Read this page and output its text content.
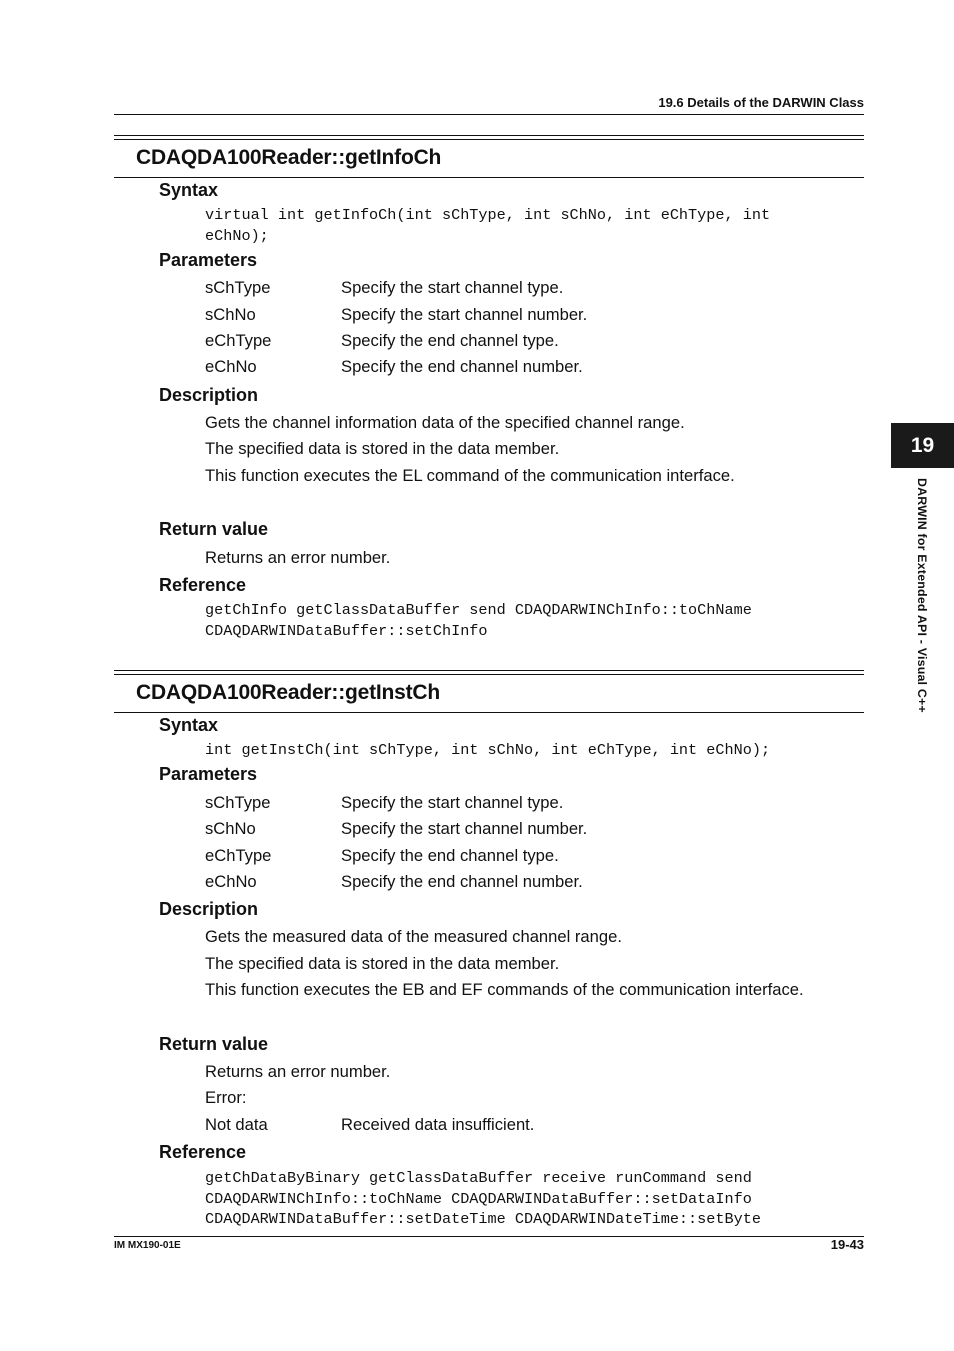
19.6 Details of the DARWIN Class
CDAQDA100Reader::getInfoCh
Syntax
virtual int getInfoCh(int sChType, int sChNo, int eChType, int
eChNo);
Parameters
sChType	Specify the start channel type.
sChNo	Specify the start channel number.
eChType	Specify the end channel type.
eChNo	Specify the end channel number.
Description
Gets the channel information data of the specified channel range.
The specified data is stored in the data member.
This function executes the EL command of the communication interface.
Return value
Returns an error number.
Reference
getChInfo getClassDataBuffer send CDAQDARWINChInfo::toChName
CDAQDARWINDataBuffer::setChInfo
CDAQDA100Reader::getInstCh
Syntax
int getInstCh(int sChType, int sChNo, int eChType, int eChNo);
Parameters
sChType	Specify the start channel type.
sChNo	Specify the start channel number.
eChType	Specify the end channel type.
eChNo	Specify the end channel number.
Description
Gets the measured data of the measured channel range.
The specified data is stored in the data member.
This function executes the EB and EF commands of the communication interface.
Return value
Returns an error number.
Error:
Not data	Received data insufficient.
Reference
getChDataByBinary getClassDataBuffer receive runCommand send
CDAQDARWINChInfo::toChName CDAQDARWINDataBuffer::setDataInfo
CDAQDARWINDataBuffer::setDateTime CDAQDARWINDateTime::setByte
19
DARWIN for Extended API - Visual C++
IM MX190-01E	19-43
